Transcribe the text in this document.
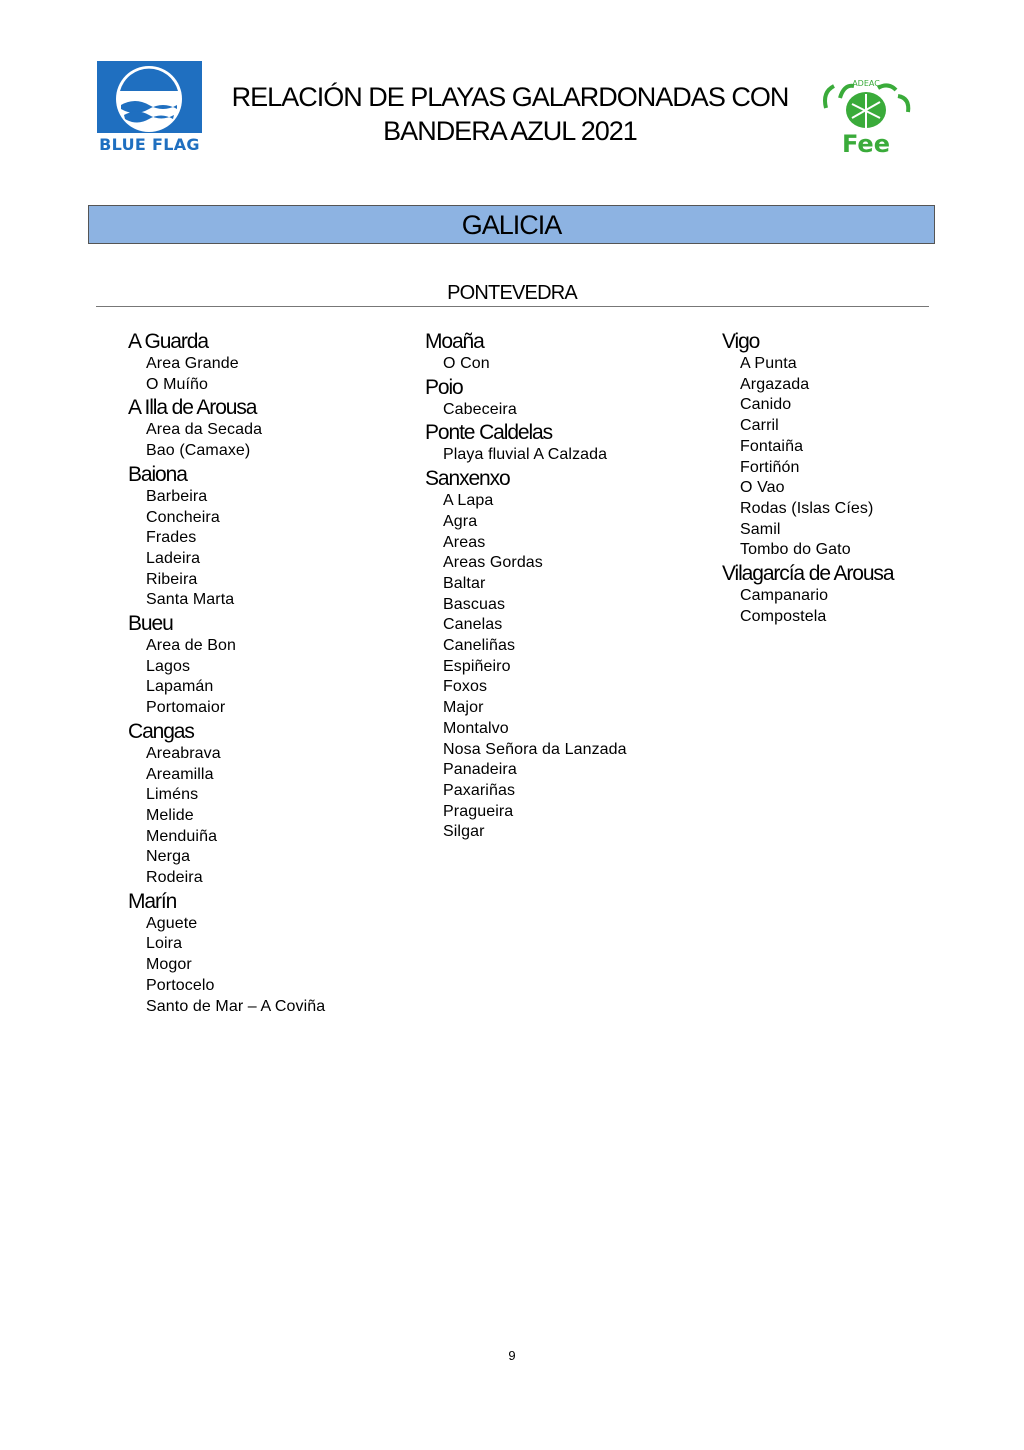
BLUE FLAG
RELACIÓN DE PLAYAS GALARDONADAS CON
BANDERA AZUL 2021
ADEAC
Fee
GALICIA
PONTEVEDRA
A Guarda
Area Grande
O Muíño
A Illa de Arousa
Area da Secada
Bao (Camaxe)
Baiona
Barbeira
Concheira
Frades
Ladeira
Ribeira
Santa Marta
Bueu
Area de Bon
Lagos
Lapamán
Portomaior
Cangas
Areabrava
Areamilla
Liméns
Melide
Menduiña
Nerga
Rodeira
Marín
Aguete
Loira
Mogor
Portocelo
Santo de Mar – A Coviña
Moaña
O Con
Poio
Cabeceira
Ponte Caldelas
Playa fluvial A Calzada
Sanxenxo
A Lapa
Agra
Areas
Areas Gordas
Baltar
Bascuas
Canelas
Caneliñas
Espiñeiro
Foxos
Major
Montalvo
Nosa Señora da Lanzada
Panadeira
Paxariñas
Pragueira
Silgar
Vigo
A Punta
Argazada
Canido
Carril
Fontaiña
Fortiñón
O Vao
Rodas (Islas Cíes)
Samil
Tombo do Gato
Vilagarcía de Arousa
Campanario
Compostela
9
